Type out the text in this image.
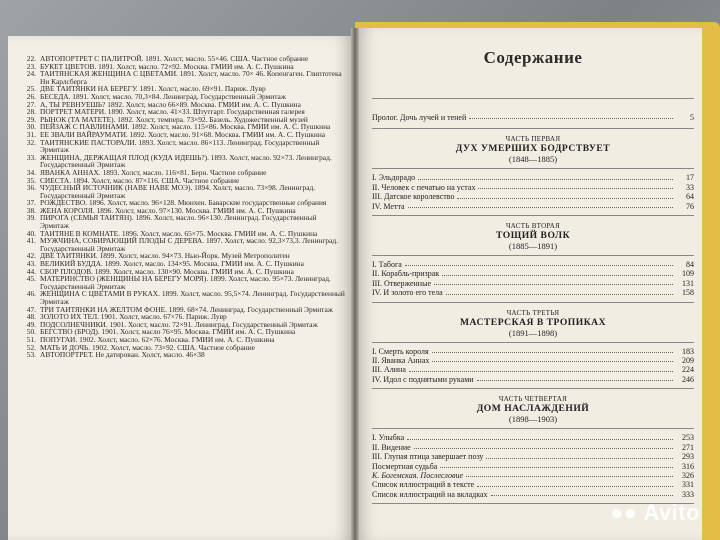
22. АВТОПОРТРЕТ С ПАЛИТРОЙ. 1891. Холст, масло. 55×46. США. Частное собрание
23. БУКЕТ ЦВЕТОВ. 1891. Холст, масло. 72×92. Москва. ГМИИ им. А. С. Пушкина
24. ТАИТЯНСКАЯ ЖЕНЩИНА С ЦВЕТАМИ. 1891. Холст, масло. 70× 46. Копенгаген. Глиптотека Ни Карлсберга
25. ДВЕ ТАИТЯНКИ НА БЕРЕГУ. 1891. Холст, масло. 69×91. Париж. Лувр
26. БЕСЕДА. 1891. Холст, масло. 70,3×84. Ленинград. Государственный Эрмитаж
27. А, ТЫ РЕВНУЕШЬ? 1892. Холст, масло 66×89. Москва. ГМИИ им. А. С. Пушкина
28. ПОРТРЕТ МАТЕРИ. 1890. Холст, масло. 41×33. Штутгарт. Государственная галерея
29. РЫНОК (ТА МАТЕТЕ). 1892. Холст, темпера. 73×92. Базель. Художественный музей
30. ПЕЙЗАЖ С ПАВЛИНАМИ. 1892. Холст, масло. 115×86. Москва. ГМИИ им. А. С. Пушкина
31. ЕЕ ЗВАЛИ ВАЙРАУМАТИ. 1892. Холст, масло. 91×68. Москва. ГМИИ им. А. С. Пушкина
32. ТАИТЯНСКИЕ ПАСТОРАЛИ. 1893. Холст, масло. 86×113. Ленинград. Государственный Эрмитаж
33. ЖЕНЩИНА, ДЕРЖАЩАЯ ПЛОД (КУДА ИДЕШЬ?). 1893. Холст, масло. 92×73. Ленинград. Государственный Эрмитаж
34. ЯВАНКА АННАХ. 1893. Холст, масло. 116×81. Берн. Частное собрание
35. СИЕСТА. 1894. Холст, масло. 87×116. США. Частное собрание
36. ЧУДЕСНЫЙ ИСТОЧНИК (НАВЕ НАВЕ МОЭ). 1894. Холст, масло. 73×98. Ленинград. Государственный Эрмитаж
37. РОЖДЕСТВО. 1896. Холст, масло. 96×128. Мюнхен. Баварские государственные собрания
38. ЖЕНА КОРОЛЯ. 1896. Холст, масло. 97×130. Москва. ГМИИ им. А. С. Пушкина
39. ПИРОГА (СЕМЬЯ ТАИТЯН). 1896. Холст, масло. 96×130. Ленинград. Государственный Эрмитаж
40. ТАИТЯНЕ В КОМНАТЕ. 1896. Холст, масло. 65×75. Москва. ГМИИ им. А. С. Пушкина
41. МУЖЧИНА, СОБИРАЮЩИЙ ПЛОДЫ С ДЕРЕВА. 1897. Холст, масло. 92,3×73,3. Ленинград. Государственный Эрмитаж
42. ДВЕ ТАИТЯНКИ. 1899. Холст, масло. 94×73. Нью-Йорк. Музей Метрополитен
43. ВЕЛИКИЙ БУДДА. 1899. Холст, масло. 134×95. Москва. ГМИИ им. А. С. Пушкина
44. СБОР ПЛОДОВ. 1899. Холст, масло. 130×90. Москва. ГМИИ им. А. С. Пушкина
45. МАТЕРИНСТВО (ЖЕНЩИНЫ НА БЕРЕГУ МОРЯ). 1899. Холст, масло. 95×73. Ленинград. Государственный Эрмитаж
46. ЖЕНЩИНА С ЦВЕТАМИ В РУКАХ. 1899. Холст, масло. 95,5×74. Ленинград. Государственный Эрмитаж
47. ТРИ ТАИТЯНКИ НА ЖЕЛТОМ ФОНЕ. 1899. 68×74. Ленинград. Государственный Эрмитаж
48. ЗОЛОТО ИХ ТЕЛ. 1901. Холст, масло. 67×76. Париж. Лувр
49. ПОДСОЛНЕЧНИКИ. 1901. Холст, масло. 72×91. Ленинград. Государственный Эрмитаж
50. БЕГСТВО (БРОД). 1901. Холст, масло 76×95. Москва. ГМИИ им. А. С. Пушкина
51. ПОПУГАИ. 1902. Холст, масло. 62×76. Москва. ГМИИ им. А. С. Пушкина
52. МАТЬ И ДОЧЬ. 1902. Холст, масло. 73×92. США. Частное собрание
53. АВТОПОРТРЕТ. Не датирован. Холст, масло. 46×38
Содержание
Пролог. Дочь лучей и теней	5
ЧАСТЬ ПЕРВАЯ
ДУХ УМЕРШИХ БОДРСТВУЕТ
(1848—1885)
I. Эльдорадо	17
II. Человек с печатью на устах	33
III. Датское королевство	64
IV. Метта	76
ЧАСТЬ ВТОРАЯ
ТОЩИЙ ВОЛК
(1885—1891)
I. Табога	84
II. Корабль-призрак	109
III. Отверженные	131
IV. И золото его тела	158
ЧАСТЬ ТРЕТЬЯ
МАСТЕРСКАЯ В ТРОПИКАХ
(1891—1898)
I. Смерть короля	183
II. Яванка Аннах	209
III. Алина	224
IV. Идол с поднятыми руками	246
ЧАСТЬ ЧЕТВЕРТАЯ
ДОМ НАСЛАЖДЕНИЙ
(1898—1903)
I. Улыбка	253
II. Видение	271
III. Глупая птица завершает позу	293
Посмертная судьба	316
К. Богемская. Послесловие	326
Список иллюстраций в тексте	331
Список иллюстраций на вкладках	333
●● Avito
